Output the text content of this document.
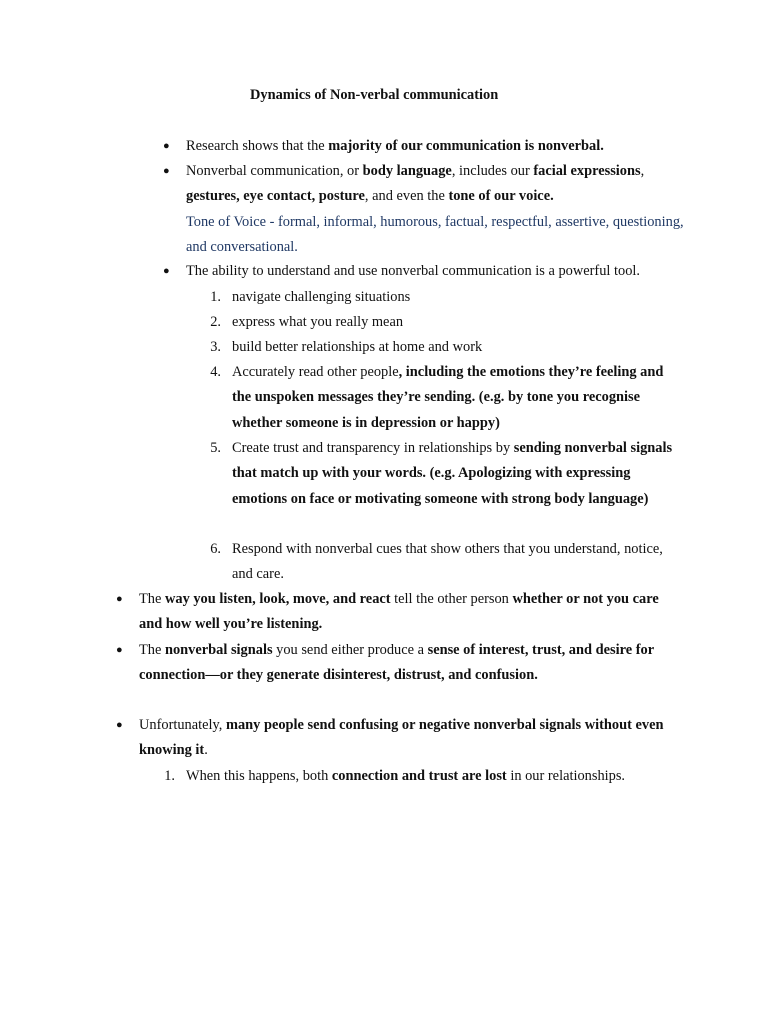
Dynamics of Non-verbal communication
● Research shows that the majority of our communication is nonverbal.
● Nonverbal communication, or body language, includes our facial expressions, gestures, eye contact, posture, and even the tone of our voice.
Tone of Voice - formal, informal, humorous, factual, respectful, assertive, questioning, and conversational.
● The ability to understand and use nonverbal communication is a powerful tool.
1. navigate challenging situations
2. express what you really mean
3. build better relationships at home and work
4. Accurately read other people, including the emotions they’re feeling and the unspoken messages they’re sending. (e.g. by tone you recognise whether someone is in depression or happy)
5. Create trust and transparency in relationships by sending nonverbal signals that match up with your words. (e.g. Apologizing with expressing emotions on face or motivating someone with strong body language)
6. Respond with nonverbal cues that show others that you understand, notice, and care.
● The way you listen, look, move, and react tell the other person whether or not you care and how well you’re listening.
● The nonverbal signals you send either produce a sense of interest, trust, and desire for connection—or they generate disinterest, distrust, and confusion.
● Unfortunately, many people send confusing or negative nonverbal signals without even knowing it.
1. When this happens, both connection and trust are lost in our relationships.
